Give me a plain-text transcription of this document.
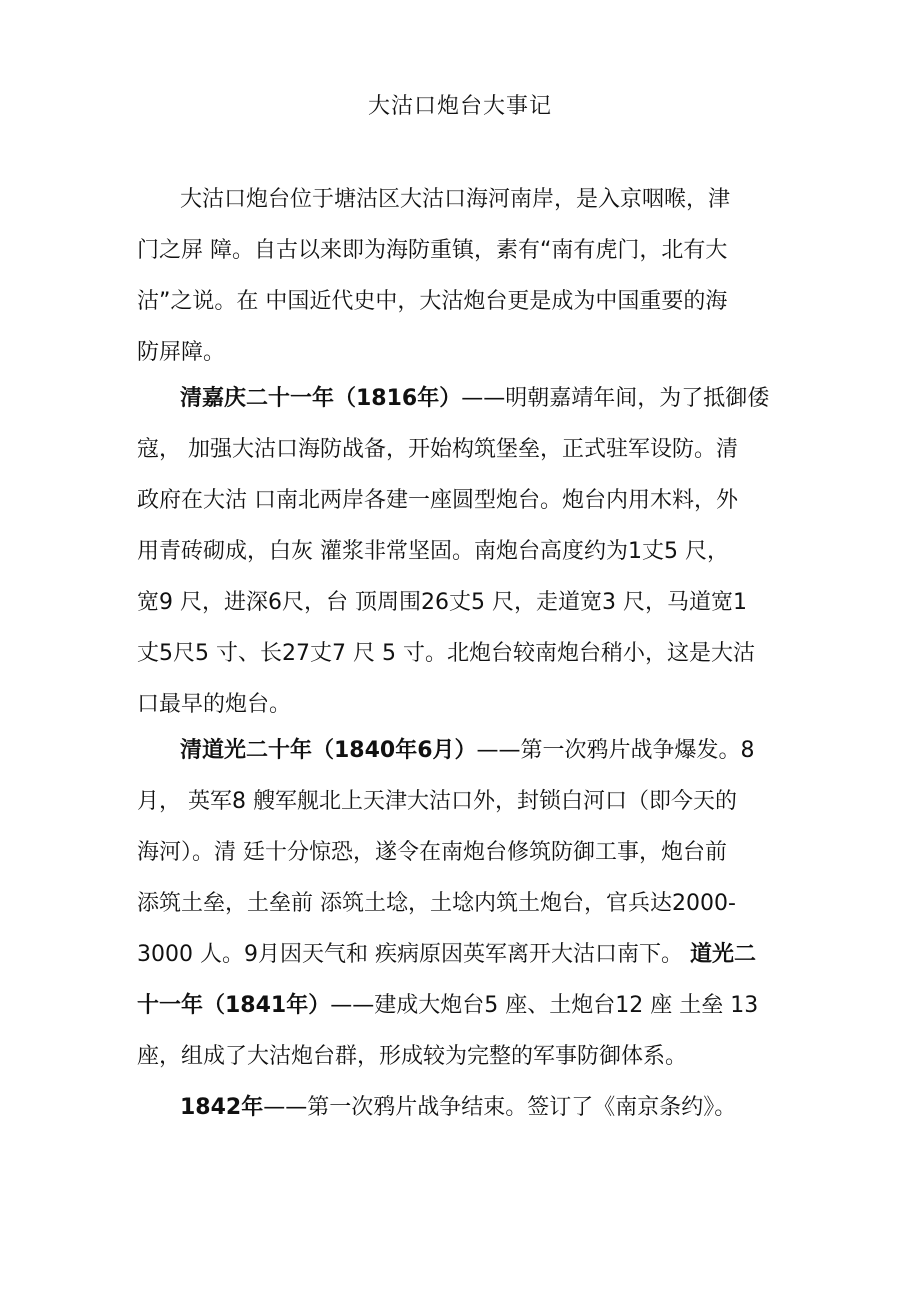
大沽口炮台大事记
大沽口炮台位于塘沽区大沽口海河南岸，是入京咽喉，津
门之屏 障。自古以来即为海防重镇，素有“南有虎门，北有大
沽”之说。在 中国近代史中，大沽炮台更是成为中国重要的海
防屏障。
清嘉庆二十一年（1816年）——明朝嘉靖年间，为了抵御倭
寇， 加强大沽口海防战备，开始构筑堡垒，正式驻军设防。清
政府在大沽 口南北两岸各建一座圆型炮台。炮台内用木料，外
用青砖砌成，白灰 灌浆非常坚固。南炮台高度约为1丈5 尺，
宽9 尺，进深6尺，台 顶周围26丈5 尺，走道宽3 尺，马道宽1
丈5尺5 寸、长27丈7 尺 5 寸。北炮台较南炮台稍小，这是大沽
口最早的炮台。
清道光二十年（1840年6月）——第一次鸦片战争爆发。8
月， 英军8 艘军舰北上天津大沽口外，封锁白河口（即今天的
海河）。清 廷十分惊恐，遂令在南炮台修筑防御工事，炮台前
添筑土垒，土垒前 添筑土埝，土埝内筑土炮台，官兵达2000-
3000 人。9月因天气和 疾病原因英军离开大沽口南下。 道光二
十一年（1841年）——建成大炮台5 座、土炮台12 座 土垒 13
座，组成了大沽炮台群，形成较为完整的军事防御体系。
1842年——第一次鸦片战争结束。签订了《南京条约》。
